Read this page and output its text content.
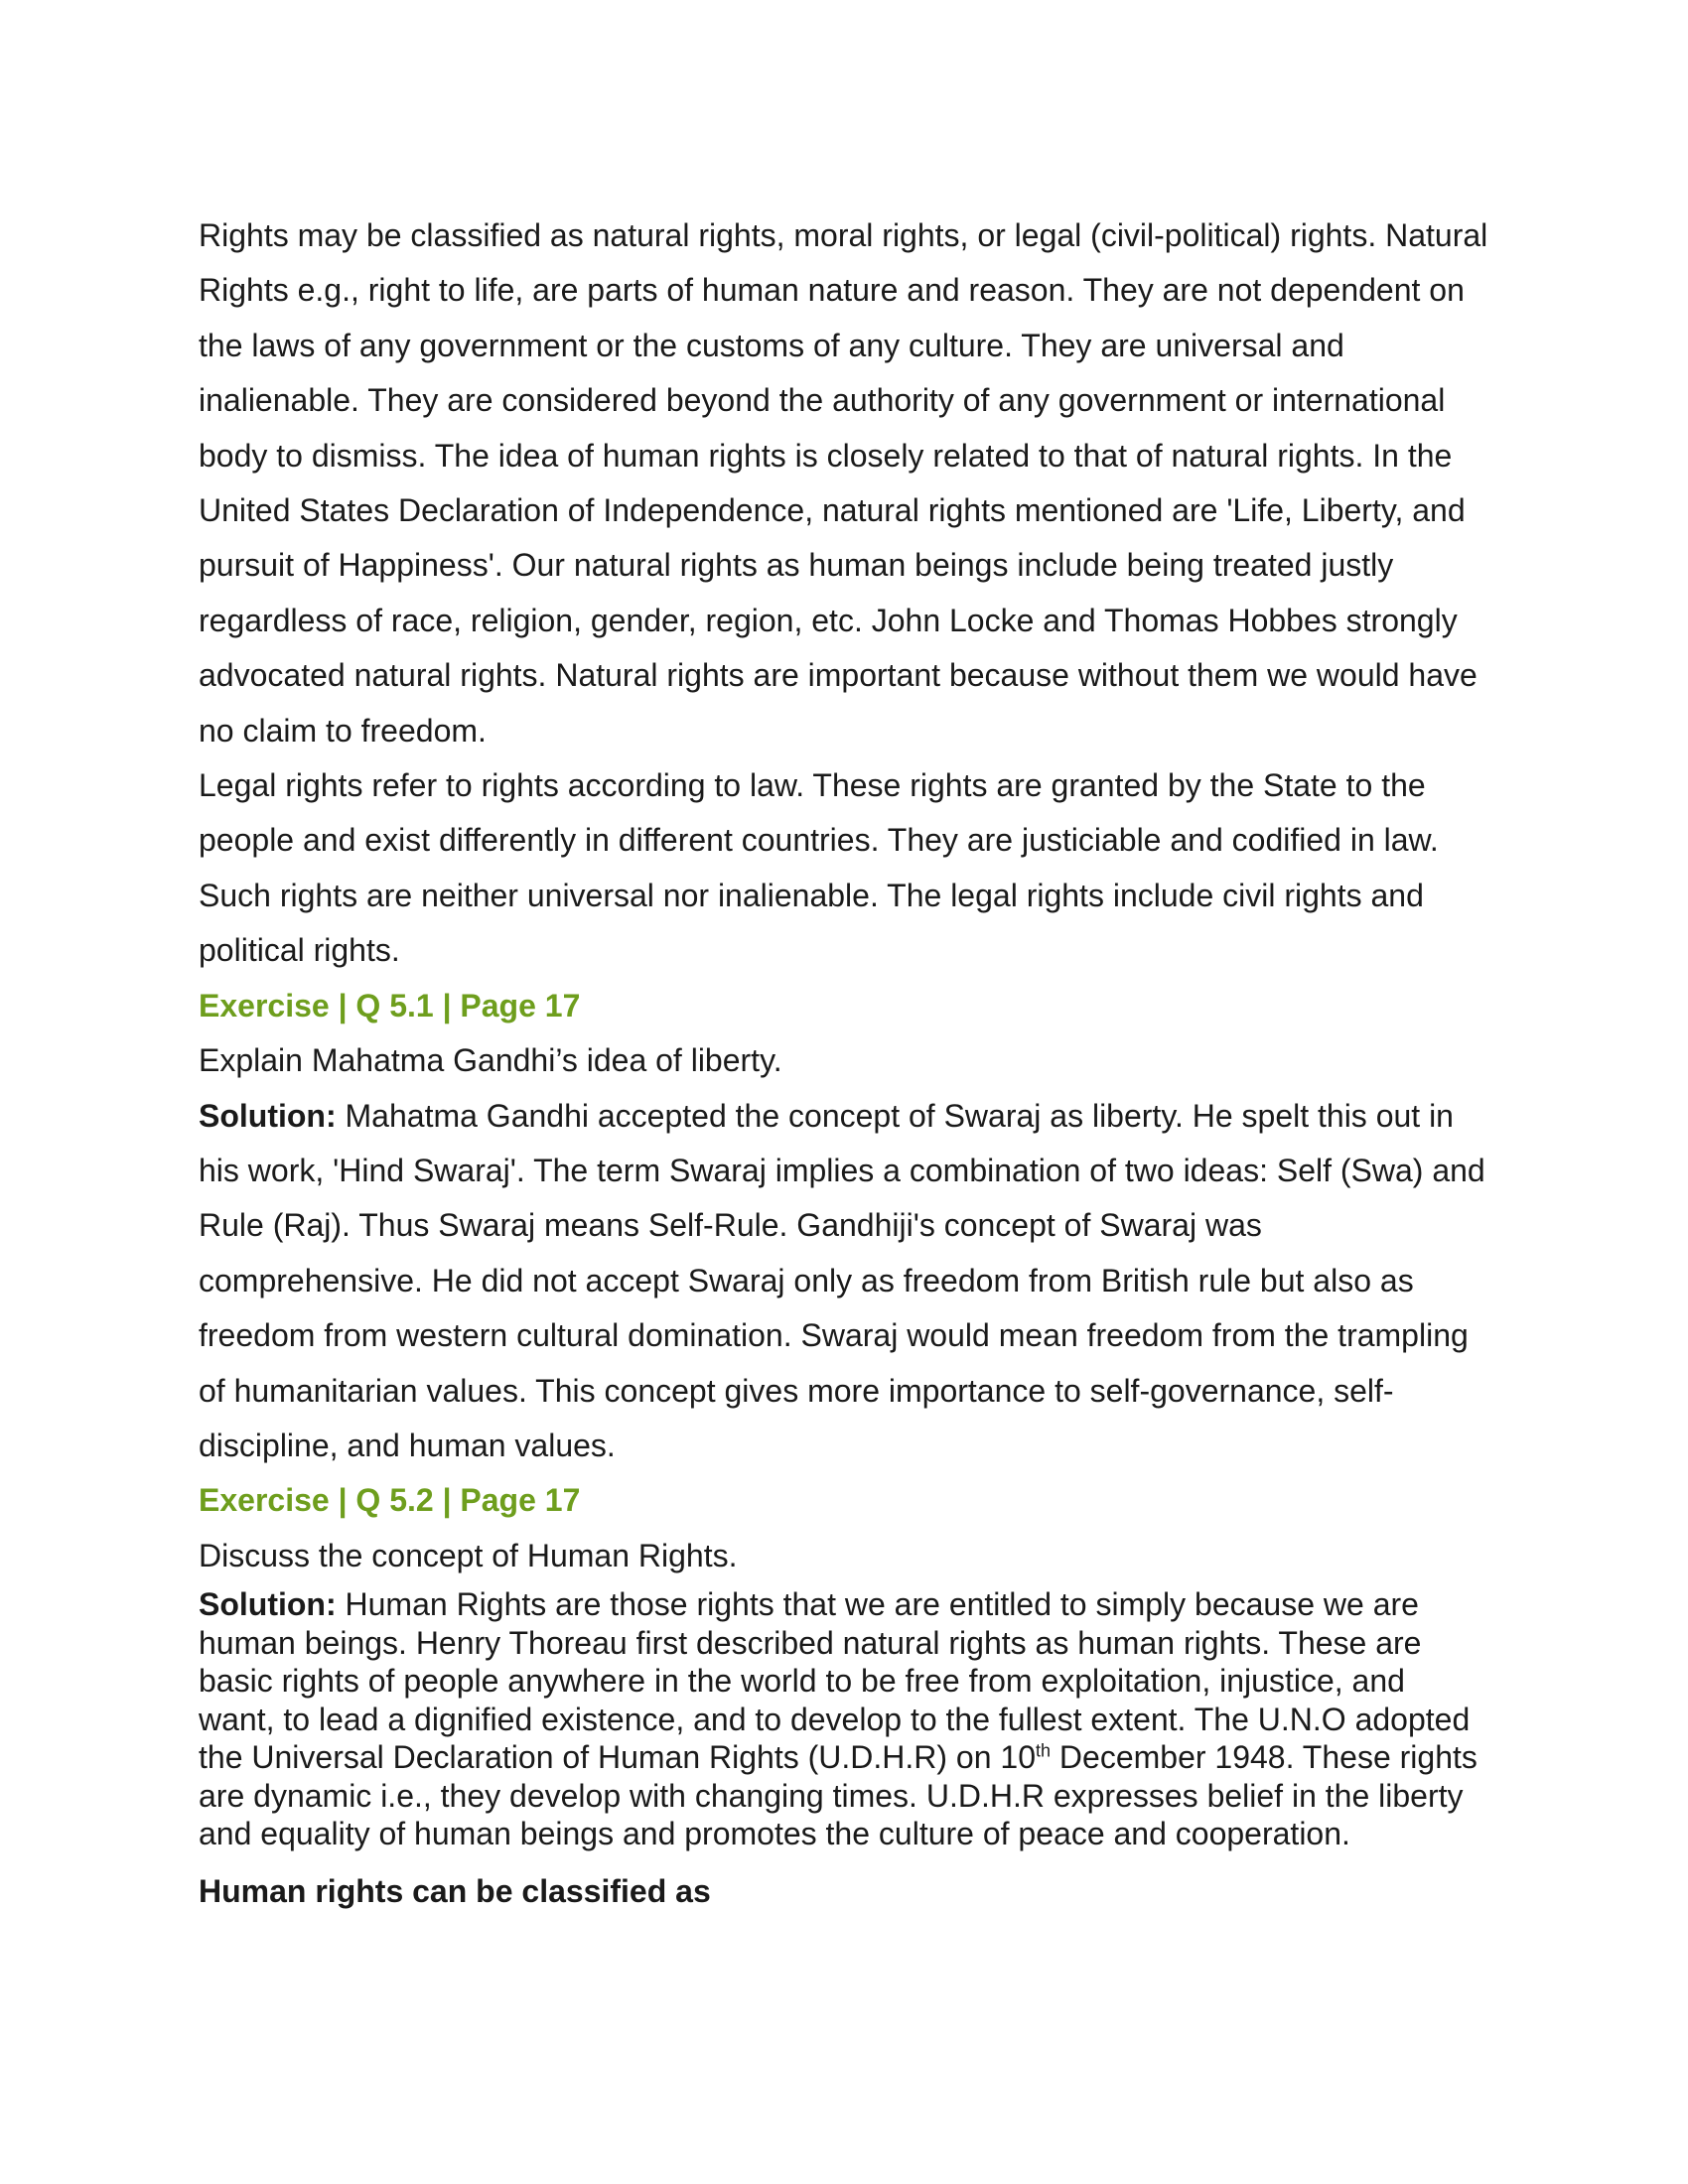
Rights may be classified as natural rights, moral rights, or legal (civil-political) rights. Natural Rights e.g., right to life, are parts of human nature and reason. They are not dependent on the laws of any government or the customs of any culture. They are universal and inalienable. They are considered beyond the authority of any government or international body to dismiss. The idea of human rights is closely related to that of natural rights. In the United States Declaration of Independence, natural rights mentioned are 'Life, Liberty, and pursuit of Happiness'. Our natural rights as human beings include being treated justly regardless of race, religion, gender, region, etc. John Locke and Thomas Hobbes strongly advocated natural rights. Natural rights are important because without them we would have no claim to freedom.

Legal rights refer to rights according to law. These rights are granted by the State to the people and exist differently in different countries. They are justiciable and codified in law. Such rights are neither universal nor inalienable. The legal rights include civil rights and political rights.

Exercise | Q 5.1 | Page 17

Explain Mahatma Gandhi’s idea of liberty.

Solution: Mahatma Gandhi accepted the concept of Swaraj as liberty. He spelt this out in his work, 'Hind Swaraj'. The term Swaraj implies a combination of two ideas: Self (Swa) and Rule (Raj). Thus Swaraj means Self-Rule. Gandhiji's concept of Swaraj was comprehensive. He did not accept Swaraj only as freedom from British rule but also as freedom from western cultural domination. Swaraj would mean freedom from the trampling of humanitarian values. This concept gives more importance to self-governance, self-discipline, and human values.

Exercise | Q 5.2 | Page 17

Discuss the concept of Human Rights.

Solution: Human Rights are those rights that we are entitled to simply because we are human beings. Henry Thoreau first described natural rights as human rights. These are basic rights of people anywhere in the world to be free from exploitation, injustice, and want, to lead a dignified existence, and to develop to the fullest extent. The U.N.O adopted the Universal Declaration of Human Rights (U.D.H.R) on 10th December 1948. These rights are dynamic i.e., they develop with changing times. U.D.H.R expresses belief in the liberty and equality of human beings and promotes the culture of peace and cooperation.

Human rights can be classified as
